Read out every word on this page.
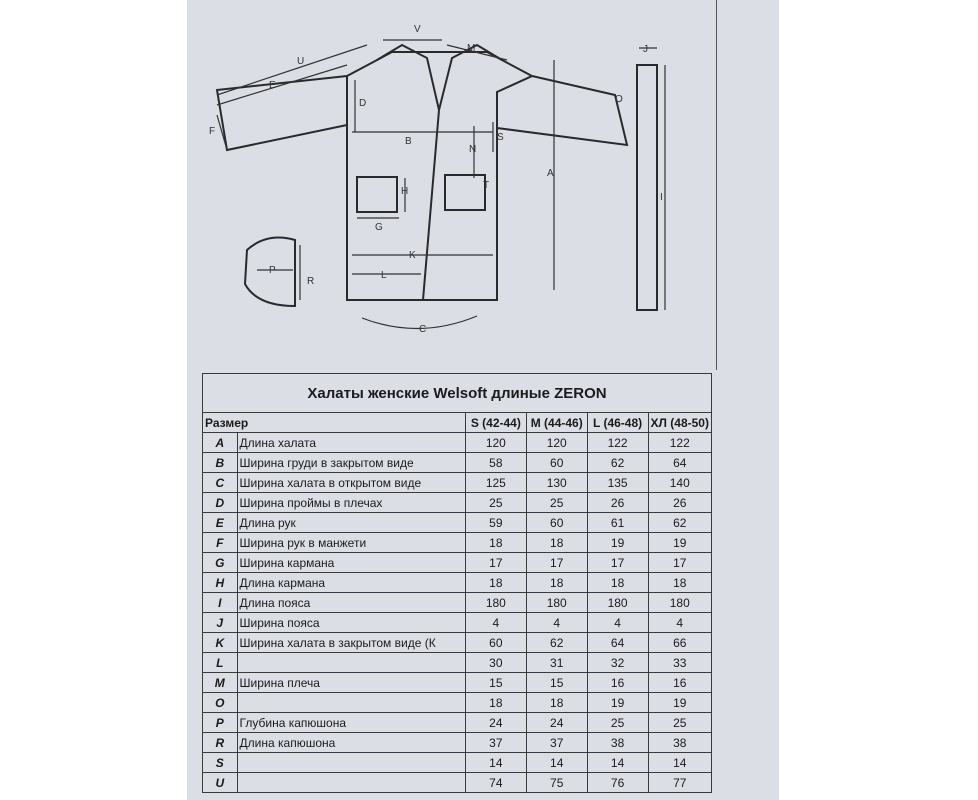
V
M
U
E
D
B	S
N
T
A
O
J
I
F
H
G
K
L
P
R
C
Халаты женские Welsoft длиные ZERON					
Размер		S (42-44)	M (44-46)	L (46-48)	ХЛ (48-50)
A	Длина халата	120	120	122	122
B	Ширина груди в закрытом виде	58	60	62	64
C	Ширина халата в открытом виде	125	130	135	140
D	Ширина проймы в плечах	25	25	26	26
E	Длина рук	59	60	61	62
F	Ширина рук в манжети	18	18	19	19
G	Ширина кармана	17	17	17	17
H	Длина кармана	18	18	18	18
I	Длина пояса	180	180	180	180
J	Ширина пояса	4	4	4	4
K	Ширина халата в закрытом виде (К	60	62	64	66
L		30	31	32	33
M	Ширина плеча	15	15	16	16
O		18	18	19	19
P	Глубина капюшона	24	24	25	25
R	Длина капюшона	37	37	38	38
S		14	14	14	14
U		74	75	76	77
